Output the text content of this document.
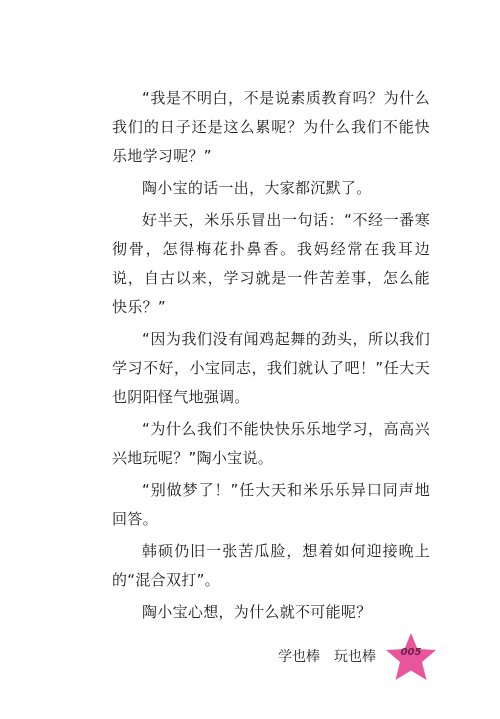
“我是不明白，不是说素质教育吗？为什么我们的日子还是这么累呢？为什么我们不能快乐地学习呢？”

陶小宝的话一出，大家都沉默了。

好半天，米乐乐冒出一句话：“不经一番寒彻骨，怎得梅花扑鼻香。我妈经常在我耳边说，自古以来，学习就是一件苦差事，怎么能快乐？”

“因为我们没有闻鸡起舞的劲头，所以我们学习不好，小宝同志，我们就认了吧！”任大天也阴阳怪气地强调。

“为什么我们不能快快乐乐地学习，高高兴兴地玩呢？”陶小宝说。

“别做梦了！”任大天和米乐乐异口同声地回答。

韩硕仍旧一张苦瓜脸，想着如何迎接晚上的“混合双打”。

陶小宝心想，为什么就不可能呢？

学也棒　玩也棒	005
